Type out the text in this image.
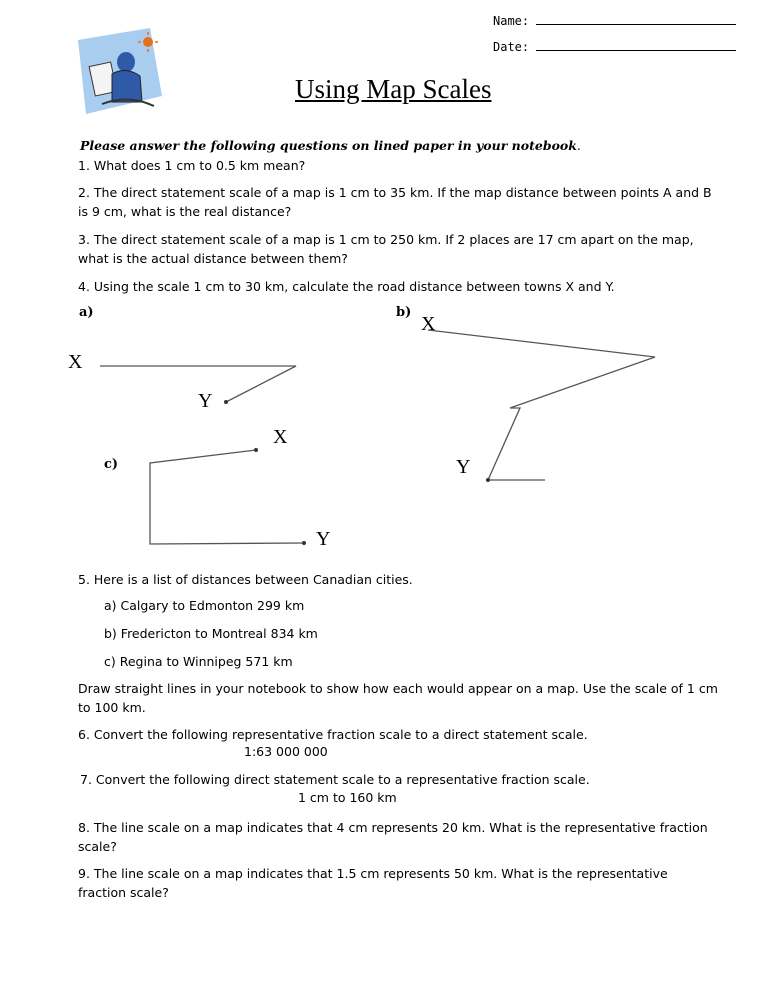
Name:
Date:
Using Map Scales
Please answer the following questions on lined paper in your notebook.
1. What does 1 cm to 0.5 km mean?
2. The direct statement scale of a map is 1 cm to 35 km. If the map distance between points A and B is 9 cm, what is the real distance?
3. The direct statement scale of a map is 1 cm to 250 km. If 2 places are 17 cm apart on the map, what is the actual distance between them?
4. Using the scale 1 cm to 30 km, calculate the road distance between towns X and Y.
a)
X
Y
b)
X
Y
c)
X
Y
5. Here is a list of distances between Canadian cities.
a) Calgary to Edmonton 299 km
b) Fredericton to Montreal 834 km
c) Regina to Winnipeg 571 km
Draw straight lines in your notebook to show how each would appear on a map. Use the scale of 1 cm to 100 km.
6. Convert the following representative fraction scale to a direct statement scale.
1:63 000 000
7. Convert the following direct statement scale to a representative fraction scale.
1 cm to 160 km
8. The line scale on a map indicates that 4 cm represents 20 km. What is the representative fraction scale?
9. The line scale on a map indicates that 1.5 cm represents 50 km. What is the representative fraction scale?
